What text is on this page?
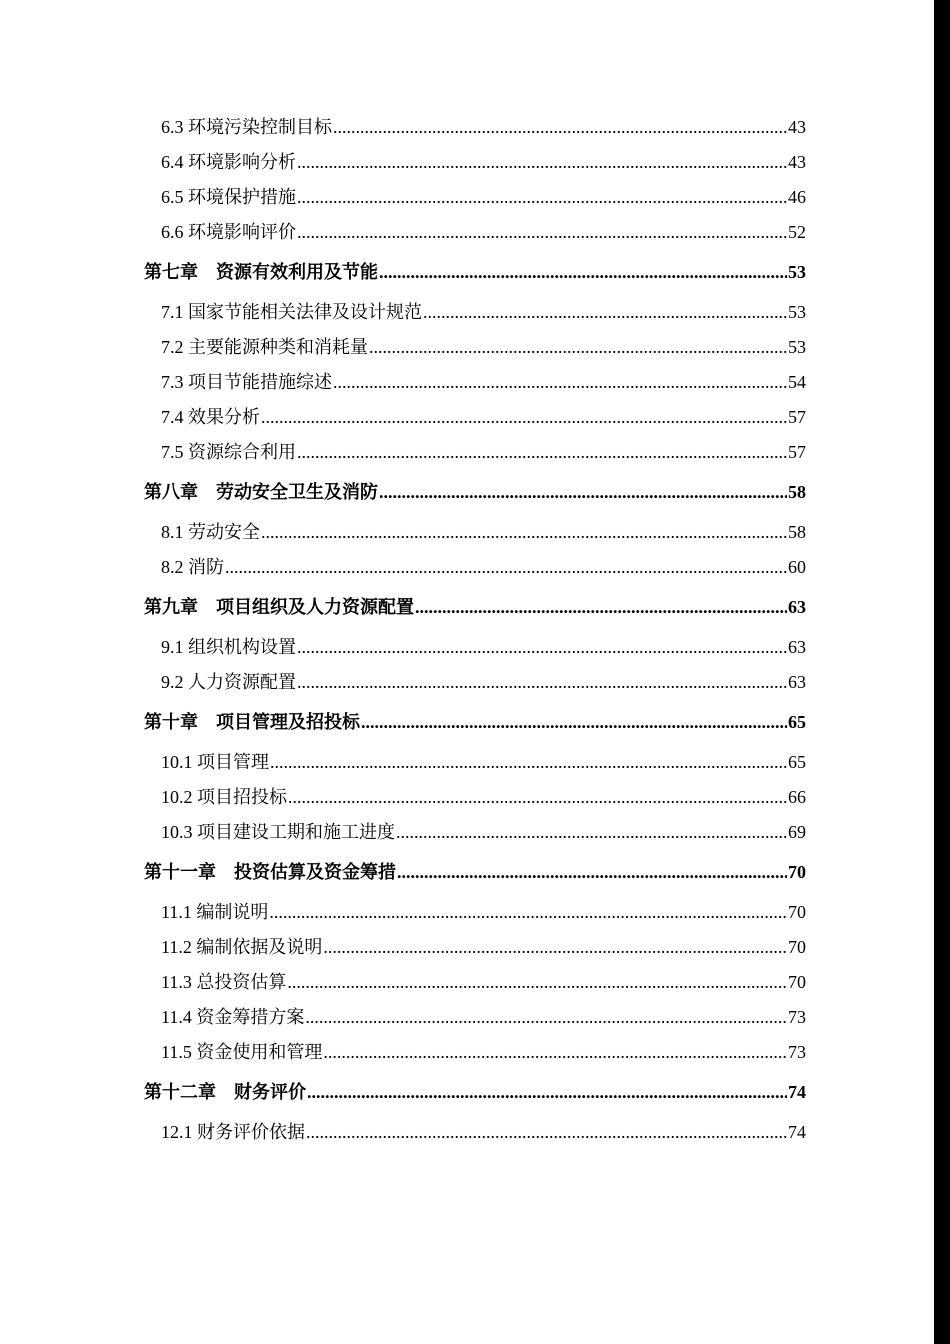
6.3 环境污染控制目标 .....	43
6.4 环境影响分析 .....	43
6.5 环境保护措施 .....	46
6.6 环境影响评价 .....	52
第七章　资源有效利用及节能 .....	53
7.1 国家节能相关法律及设计规范 .....	53
7.2 主要能源种类和消耗量 .....	53
7.3 项目节能措施综述 .....	54
7.4 效果分析 .....	57
7.5 资源综合利用 .....	57
第八章　劳动安全卫生及消防 .....	58
8.1 劳动安全 .....	58
8.2 消防 .....	60
第九章　项目组织及人力资源配置 .....	63
9.1 组织机构设置 .....	63
9.2 人力资源配置 .....	63
第十章　项目管理及招投标 .....	65
10.1 项目管理 .....	65
10.2 项目招投标 .....	66
10.3 项目建设工期和施工进度 .....	69
第十一章　投资估算及资金筹措 .....	70
11.1 编制说明 .....	70
11.2 编制依据及说明 .....	70
11.3 总投资估算 .....	70
11.4 资金筹措方案 .....	73
11.5 资金使用和管理 .....	73
第十二章　财务评价 .....	74
12.1 财务评价依据 .....	74
